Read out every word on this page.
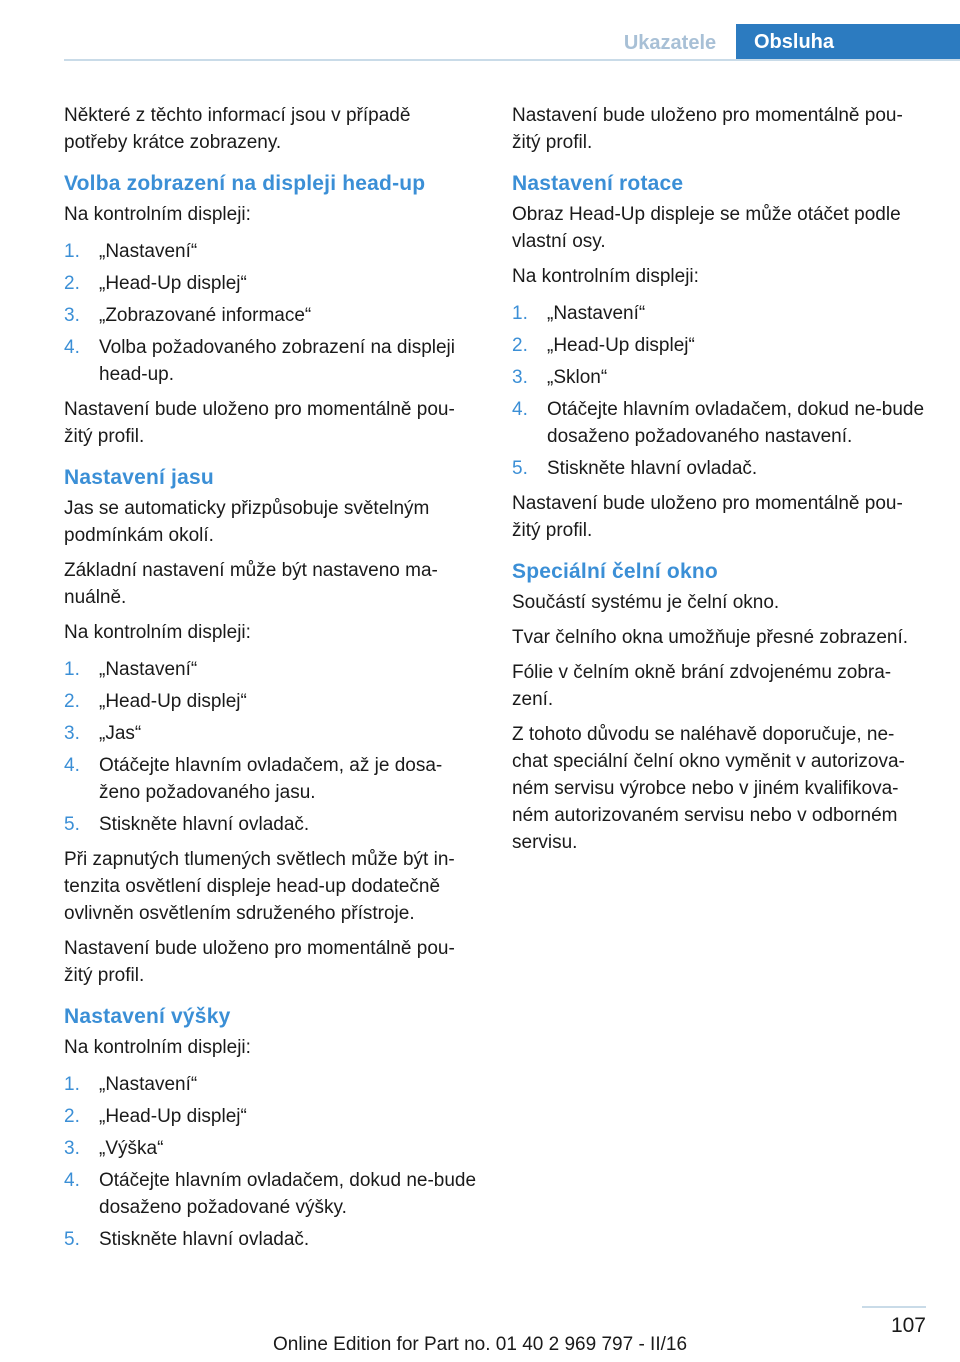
Ukazatele	Obsluha

Některé z těchto informací jsou v případě potřeby krátce zobrazeny.

Volba zobrazení na displeji head-up

Na kontrolním displeji:

1. „Nastavení“
2. „Head-Up displej“
3. „Zobrazované informace“
4. Volba požadovaného zobrazení na displeji head-up.

Nastavení bude uloženo pro momentálně pou‐žitý profil.

Nastavení jasu

Jas se automaticky přizpůsobuje světelným podmínkám okolí.

Základní nastavení může být nastaveno ma‐nuálně.

Na kontrolním displeji:

1. „Nastavení“
2. „Head-Up displej“
3. „Jas“
4. Otáčejte hlavním ovladačem, až je dosa‐ženo požadovaného jasu.
5. Stiskněte hlavní ovladač.

Při zapnutých tlumených světlech může být in‐tenzita osvětlení displeje head-up dodatečně ovlivněn osvětlením sdruženého přístroje.

Nastavení bude uloženo pro momentálně pou‐žitý profil.

Nastavení výšky

Na kontrolním displeji:

1. „Nastavení“
2. „Head-Up displej“
3. „Výška“
4. Otáčejte hlavním ovladačem, dokud ne‐bude dosaženo požadované výšky.
5. Stiskněte hlavní ovladač.

Nastavení bude uloženo pro momentálně pou‐žitý profil.

Nastavení rotace

Obraz Head-Up displeje se může otáčet podle vlastní osy.

Na kontrolním displeji:

1. „Nastavení“
2. „Head-Up displej“
3. „Sklon“
4. Otáčejte hlavním ovladačem, dokud ne‐bude dosaženo požadovaného nastavení.
5. Stiskněte hlavní ovladač.

Nastavení bude uloženo pro momentálně pou‐žitý profil.

Speciální čelní okno

Součástí systému je čelní okno.

Tvar čelního okna umožňuje přesné zobrazení.

Fólie v čelním okně brání zdvojenému zobra‐zení.

Z tohoto důvodu se naléhavě doporučuje, ne‐chat speciální čelní okno vyměnit v autorizova‐ném servisu výrobce nebo v jiném kvalifikova‐ném autorizovaném servisu nebo v odborném servisu.

107
Online Edition for Part no. 01 40 2 969 797 - II/16
